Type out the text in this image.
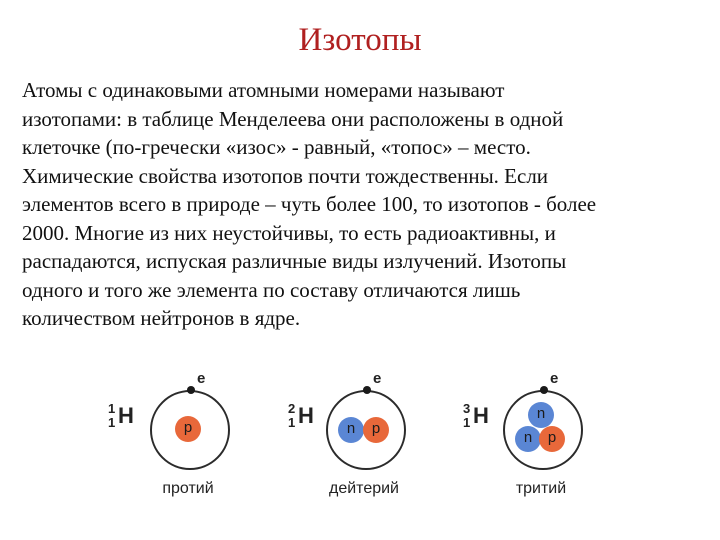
Изотопы
Атомы с одинаковыми атомными номерами называют
изотопами: в таблице Менделеева они расположены в одной
клеточке (по-гречески «изос» - равный, «топос» – место.
Химические свойства изотопов почти тождественны. Если
элементов всего в природе – чуть более 100, то изотопов - более
2000. Многие из них неустойчивы, то есть радиоактивны, и
распадаются, испуская различные виды излучений. Изотопы
одного и того же элемента по составу отличаются лишь
количеством нейтронов в ядре.
1
1 H
e
p
протий
2
1 H
e
n	p
дейтерий
3
1 H
e
n
n	p
тритий
